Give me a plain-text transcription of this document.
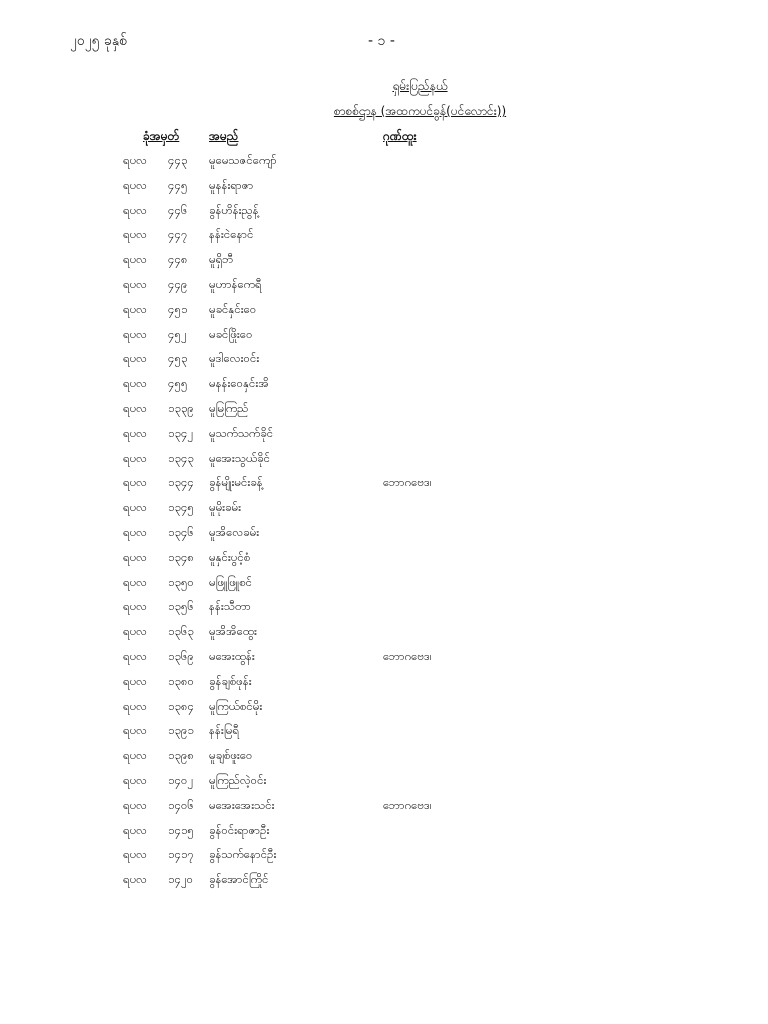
၂၀၂၅ ခုနှစ်	- ၁ -
ရှမ်းပြည်နယ်
စာစစ်ဌာန (အထကပင်ခွန်(ပင်လောင်း))
ခုံအမှတ် အမည်	ဂုဏ်ထူး
ရပလ ၄၄၃ မူမေသဇင်ကျော်
ရပလ ၄၄၅ မူနန်းရာဇာ
ရပလ ၄၄၆ ခွန်ဟိန်းညွန့်
ရပလ ၄၄၇ နန်းငဲနောင်
ရပလ ၄၄၈ မူရှိဘီ
ရပလ ၄၄၉ မူဟာန်ကေရီ
ရပလ ၄၅၁ မူခင်နှင်းဝေ
ရပလ ၄၅၂ မခင်ဖြိုးဝေ
ရပလ ၄၅၃ မူဒါလေးဝင်း
ရပလ ၄၅၅ မနန်းဝေနှင်းအိ
ရပလ ၁၃၃၉ မူမြကြည်
ရပလ ၁၃၄၂ မူသက်သက်ခိုင်
ရပလ ၁၃၄၃ မူအေးသွယ်ခိုင်
ရပလ ၁၃၄၄ ခွန်မျိုးမင်းခန့်	ဘောဂဗေဒ၊
ရပလ ၁၃၄၅ မူမိုးခမ်း
ရပလ ၁၃၄၆ မူအိလေခမ်း
ရပလ ၁၃၄၈ မူနှင်းပွင့်စံ
ရပလ ၁၃၅၀ မဖြူဖြူစင်
ရပလ ၁၃၅၆ နန်းသီတာ
ရပလ ၁၃၆၃ မူအိအိထွေး
ရပလ ၁၃၆၉ မအေးထွန်း	ဘောဂဗေဒ၊
ရပလ ၁၃၈၀ ခွန်ချစ်ဖုန်း
ရပလ ၁၃၈၄ မူကြယ်စင်မိုး
ရပလ ၁၃၉၁ နန်းမြရီ
ရပလ ၁၃၉၈ မူချစ်ဖူးဝေ
ရပလ ၁၄၀၂ မူကြည်လဲ့ဝင်း
ရပလ ၁၄၀၆ မအေးအေးသင်း	ဘောဂဗေဒ၊
ရပလ ၁၄၁၅ ခွန်ဝင်းရာဇာဦး
ရပလ ၁၄၁၇ ခွန်သက်နောင်ဦး
ရပလ ၁၄၂၀ ခွန်အောင်ကြိုင်
